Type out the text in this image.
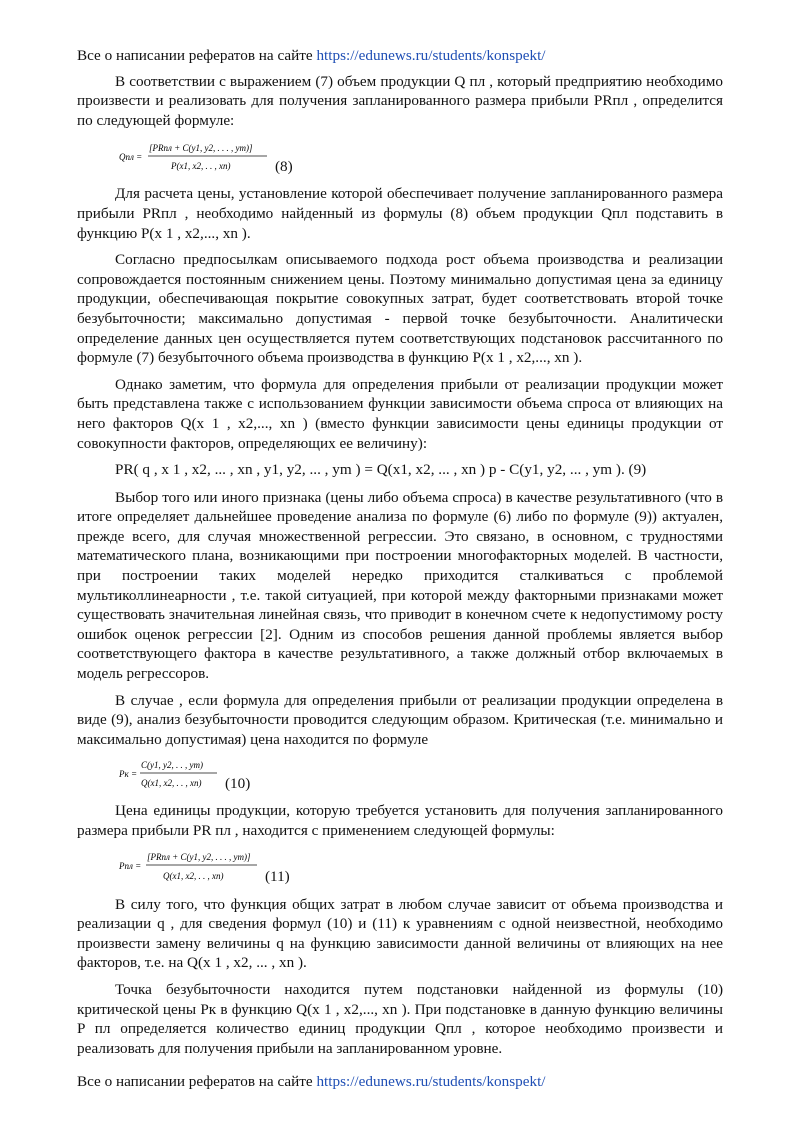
Все о написании рефератов на сайте https://edunews.ru/students/konspekt/

В соответствии с выражением (7) объем продукции Q пл , который предприятию необходимо произвести и реализовать для получения запланированного размера прибыли PRпл , определится по следующей формуле:

Qпл =
[PRпл + C(y1, y2, . . . , ym)]
P(x1, x2, . . , xn)	(8)

Для расчета цены, установление которой обеспечивает получение запланированного размера прибыли PRпл , необходимо найденный из формулы (8) объем продукции Qпл подставить в функцию P(x 1 , x2,..., xn ).

Согласно предпосылкам описываемого подхода рост объема производства и реализации сопровождается постоянным снижением цены. Поэтому минимально допустимая цена за единицу продукции, обеспечивающая покрытие совокупных затрат, будет соответствовать второй точке безубыточности; максимально допустимая - первой точке безубыточности. Аналитически определение данных цен осуществляется путем соответствующих подстановок рассчитанного по формуле (7) безубыточного объема производства в функцию P(x 1 , x2,..., xn ).

Однако заметим, что формула для определения прибыли от реализации продукции может быть представлена также с использованием функции зависимости объема спроса от влияющих на него факторов Q(x 1 , x2,..., xn ) (вместо функции зависимости цены единицы продукции от совокупности факторов, определяющих ее величину):

PR( q , x 1 , x2, ... , xn , y1, y2, ... , ym ) = Q(x1, x2, ... , xn ) p - C(y1, y2, ... , ym ). (9)

Выбор того или иного признака (цены либо объема спроса) в качестве результативного (что в итоге определяет дальнейшее проведение анализа по формуле (6) либо по формуле (9)) актуален, прежде всего, для случая множественной регрессии. Это связано, в основном, с трудностями математического плана, возникающими при построении многофакторных моделей. В частности, при построении таких моделей нередко приходится сталкиваться с проблемой мультиколлинеарности , т.е. такой ситуацией, при которой между факторными признаками может существовать значительная линейная связь, что приводит в конечном счете к недопустимому росту ошибок оценок регрессии [2]. Одним из способов решения данной проблемы является выбор соответствующего фактора в качестве результативного, а также должный отбор включаемых в модель регрессоров.

В случае , если формула для определения прибыли от реализации продукции определена в виде (9), анализ безубыточности проводится следующим образом. Критическая (т.е. минимально и максимально допустимая) цена находится по формуле

Pк =
C(y1, y2, . . , ym)
Q(x1, x2, . . , xn) (10)

Цена единицы продукции, которую требуется установить для получения запланированного размера прибыли PR пл , находится с применением следующей формулы:

Pпл =
[PRпл + C(y1, y2, . . . , ym)]
Q(x1, x2, . . , xn)	(11)

В силу того, что функция общих затрат в любом случае зависит от объема производства и реализации q , для сведения формул (10) и (11) к уравнениям с одной неизвестной, необходимо произвести замену величины q на функцию зависимости данной величины от влияющих на нее факторов, т.е. на Q(x 1 , x2, ... , xn ).

Точка безубыточности находится путем подстановки найденной из формулы (10) критической цены Pк в функцию Q(x 1 , x2,..., xn ). При подстановке в данную функцию величины P пл определяется количество единиц продукции Qпл , которое необходимо произвести и реализовать для получения прибыли на запланированном уровне.

Все о написании рефератов на сайте https://edunews.ru/students/konspekt/
